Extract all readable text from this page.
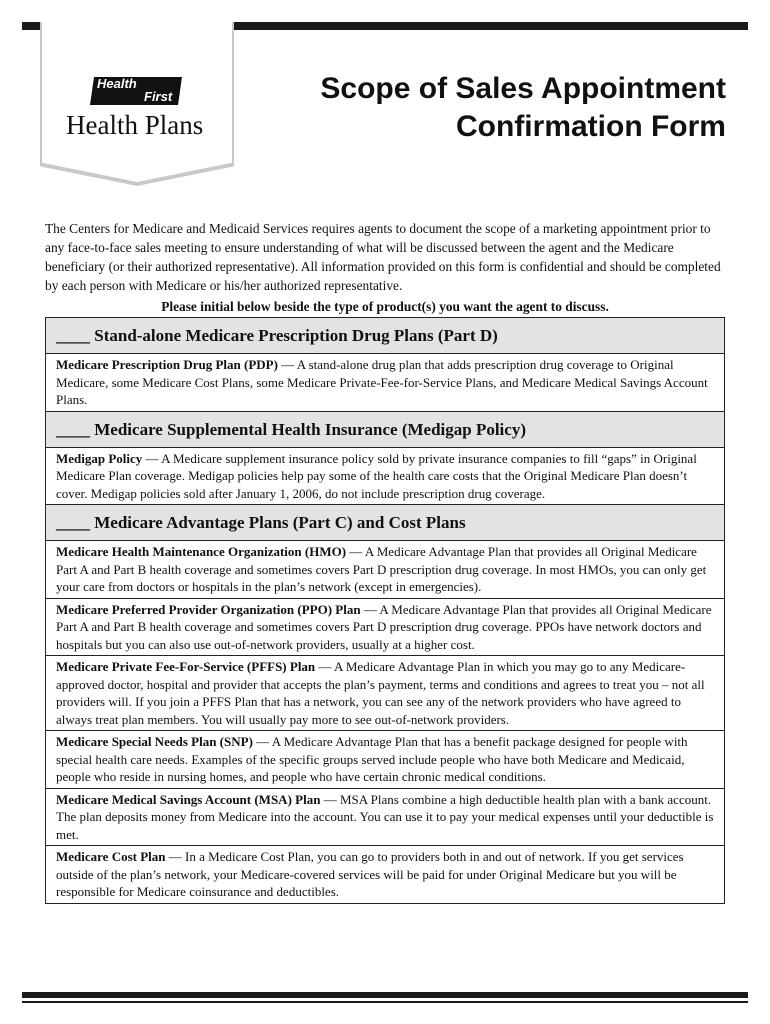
Health
First
Health Plans
Scope of Sales Appointment
Confirmation Form

The Centers for Medicare and Medicaid Services requires agents to document the scope of a marketing appointment prior to any face-to-face sales meeting to ensure understanding of what will be discussed between the agent and the Medicare beneficiary (or their authorized representative). All information provided on this form is confidential and should be completed by each person with Medicare or his/her authorized representative.

Please initial below beside the type of product(s) you want the agent to discuss.
____ Stand-alone Medicare Prescription Drug Plans (Part D)
Medicare Prescription Drug Plan (PDP) — A stand-alone drug plan that adds prescription drug coverage to Original Medicare, some Medicare Cost Plans, some Medicare Private-Fee-for-Service Plans, and Medicare Medical Savings Account Plans.
____ Medicare Supplemental Health Insurance (Medigap Policy)
Medigap Policy — A Medicare supplement insurance policy sold by private insurance companies to fill “gaps” in Original Medicare Plan coverage. Medigap policies help pay some of the health care costs that the Original Medicare Plan doesn’t cover. Medigap policies sold after January 1, 2006, do not include prescription drug coverage.
____ Medicare Advantage Plans (Part C) and Cost Plans
Medicare Health Maintenance Organization (HMO) — A Medicare Advantage Plan that provides all Original Medicare Part A and Part B health coverage and sometimes covers Part D prescription drug coverage. In most HMOs, you can only get your care from doctors or hospitals in the plan’s network (except in emergencies).
Medicare Preferred Provider Organization (PPO) Plan — A Medicare Advantage Plan that provides all Original Medicare Part A and Part B health coverage and sometimes covers Part D prescription drug coverage. PPOs have network doctors and hospitals but you can also use out-of-network providers, usually at a higher cost.
Medicare Private Fee-For-Service (PFFS) Plan — A Medicare Advantage Plan in which you may go to any Medicare-approved doctor, hospital and provider that accepts the plan’s payment, terms and conditions and agrees to treat you – not all providers will. If you join a PFFS Plan that has a network, you can see any of the network providers who have agreed to always treat plan members. You will usually pay more to see out-of-network providers.
Medicare Special Needs Plan (SNP) — A Medicare Advantage Plan that has a benefit package designed for people with special health care needs. Examples of the specific groups served include people who have both Medicare and Medicaid, people who reside in nursing homes, and people who have certain chronic medical conditions.
Medicare Medical Savings Account (MSA) Plan — MSA Plans combine a high deductible health plan with a bank account. The plan deposits money from Medicare into the account. You can use it to pay your medical expenses until your deductible is met.
Medicare Cost Plan — In a Medicare Cost Plan, you can go to providers both in and out of network. If you get services outside of the plan’s network, your Medicare-covered services will be paid for under Original Medicare but you will be responsible for Medicare coinsurance and deductibles.
